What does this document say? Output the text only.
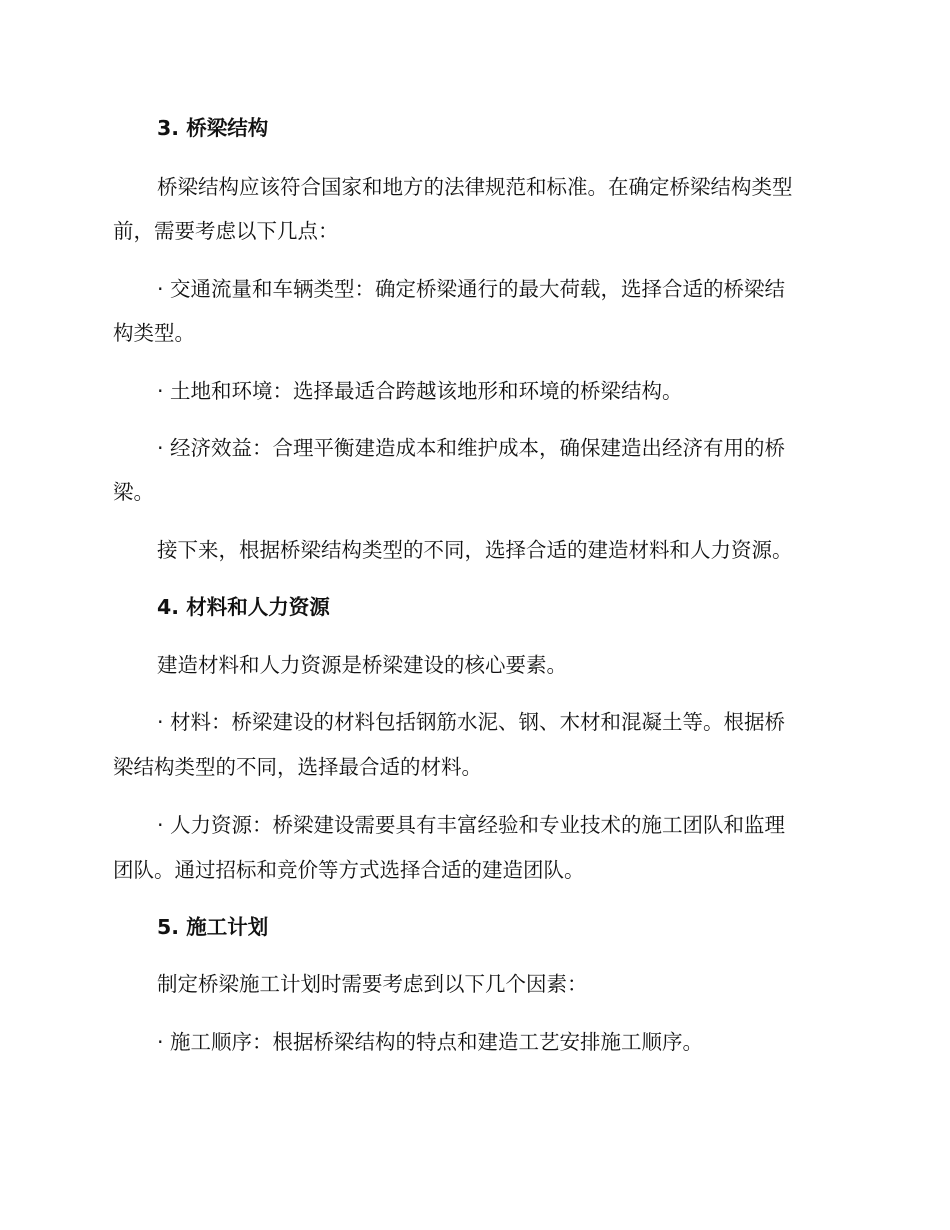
3. 桥梁结构
桥梁结构应该符合国家和地方的法律规范和标准。在确定桥梁结构类型
前，需要考虑以下几点：
· 交通流量和车辆类型：确定桥梁通行的最大荷载，选择合适的桥梁结
构类型。
· 土地和环境：选择最适合跨越该地形和环境的桥梁结构。
· 经济效益：合理平衡建造成本和维护成本，确保建造出经济有用的桥
梁。
接下来，根据桥梁结构类型的不同，选择合适的建造材料和人力资源。
4. 材料和人力资源
建造材料和人力资源是桥梁建设的核心要素。
· 材料：桥梁建设的材料包括钢筋水泥、钢、木材和混凝土等。根据桥
梁结构类型的不同，选择最合适的材料。
· 人力资源：桥梁建设需要具有丰富经验和专业技术的施工团队和监理
团队。通过招标和竞价等方式选择合适的建造团队。
5. 施工计划
制定桥梁施工计划时需要考虑到以下几个因素：
· 施工顺序：根据桥梁结构的特点和建造工艺安排施工顺序。
